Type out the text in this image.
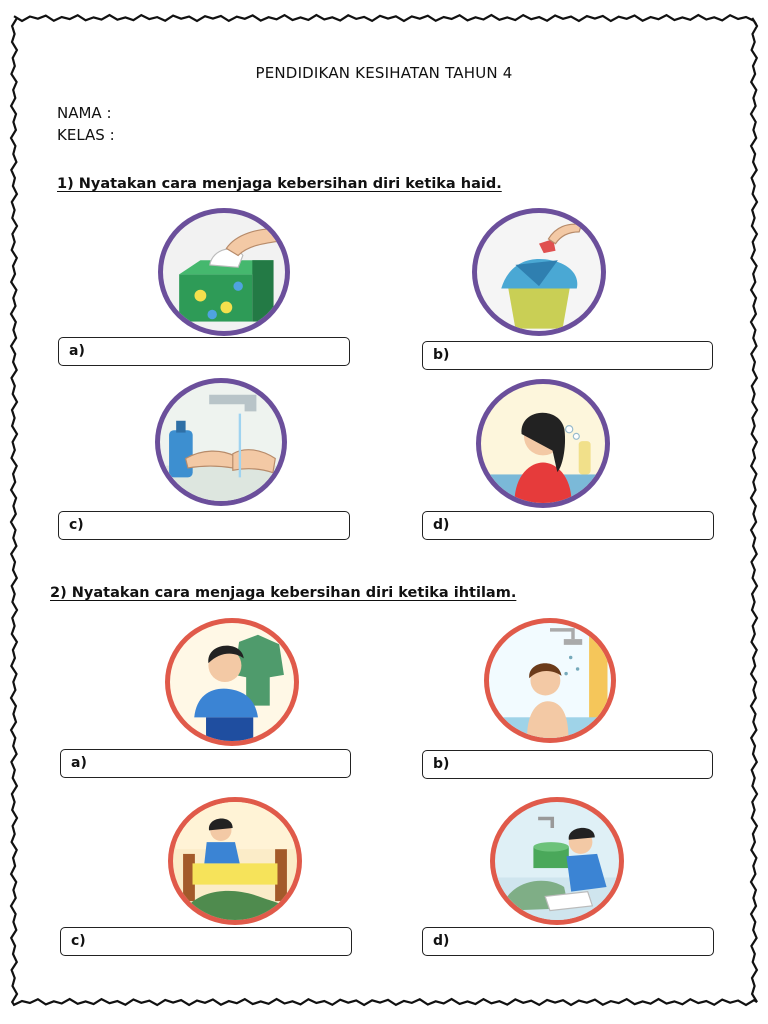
PENDIDIKAN KESIHATAN TAHUN 4
NAMA :
KELAS :
1) Nyatakan cara menjaga kebersihan diri ketika haid.
a)	b)
c)	d)
2) Nyatakan cara menjaga kebersihan diri ketika ihtilam.
a)	b)
c)	d)
